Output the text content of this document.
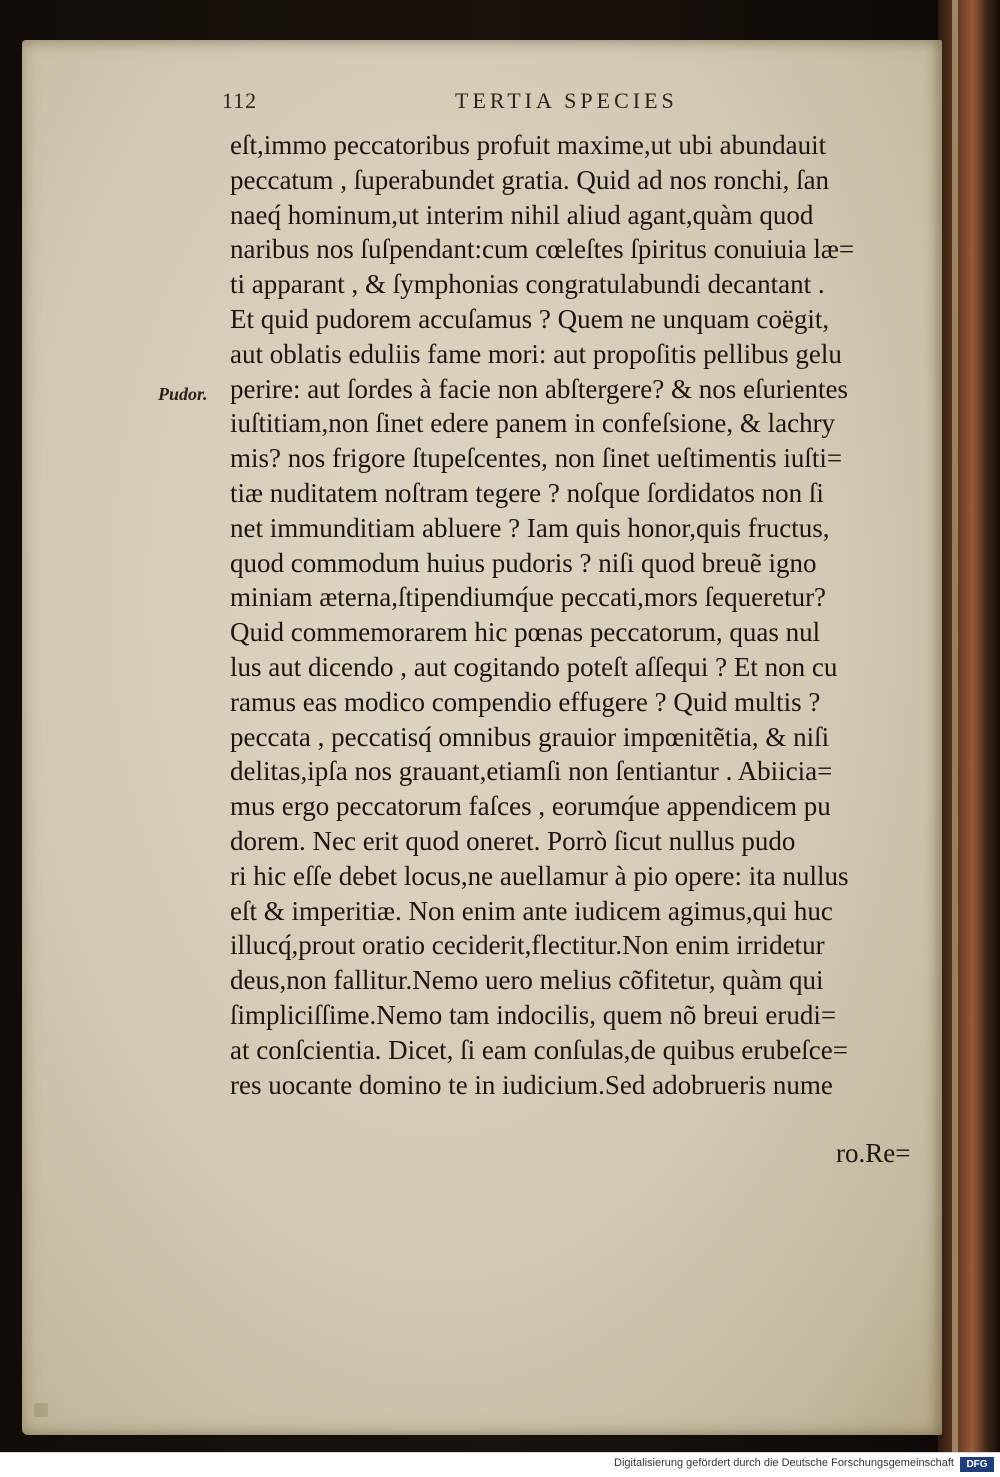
112	TERTIA SPECIES
Pudor.
eſt,immo peccatoribus profuit maxime,ut ubi abundauit
peccatum , ſuperabundet gratia. Quid ad nos ronchi, ſan
naeq́ hominum,ut interim nihil aliud agant,quàm quod
naribus nos ſuſpendant:cum cœleſtes ſpiritus conuiuia læ=
ti apparant , & ſymphonias congratulabundi decantant .
Et quid pudorem accuſamus ? Quem ne unquam coëgit,
aut oblatis eduliis fame mori: aut propoſitis pellibus gelu
perire: aut ſordes à facie non abſtergere? & nos eſurientes
iuſtitiam,non ſinet edere panem in confeſsione, & lachry
mis? nos frigore ſtupeſcentes, non ſinet ueſtimentis iuſti=
tiæ nuditatem noſtram tegere ? noſque ſordidatos non ſi
net immunditiam abluere ? Iam quis honor,quis fructus,
quod commodum huius pudoris ? niſi quod breuẽ igno
miniam æterna,ſtipendiumq́ue peccati,mors ſequeretur?
Quid commemorarem hic pœnas peccatorum, quas nul
lus aut dicendo , aut cogitando poteſt aſſequi ? Et non cu
ramus eas modico compendio effugere ? Quid multis ?
peccata , peccatisq́ omnibus grauior impœnitẽtia, & niſi
delitas,ipſa nos grauant,etiamſi non ſentiantur . Abiicia=
mus ergo peccatorum faſces , eorumq́ue appendicem pu
dorem. Nec erit quod oneret. Porrò ſicut nullus pudo
ri hic eſſe debet locus,ne auellamur à pio opere: ita nullus
eſt & imperitiæ. Non enim ante iudicem agimus,qui huc
illucq́,prout oratio ceciderit,flectitur.Non enim irridetur
deus,non fallitur.Nemo uero melius cõfitetur, quàm qui
ſimpliciſſime.Nemo tam indocilis, quem nõ breui erudi=
at conſcientia. Dicet, ſi eam conſulas,de quibus erubeſce=
res uocante domino te in iudicium.Sed adobrueris nume
ro.Re=
Digitalisierung gefördert durch die Deutsche Forschungsgemeinschaft	DFG
